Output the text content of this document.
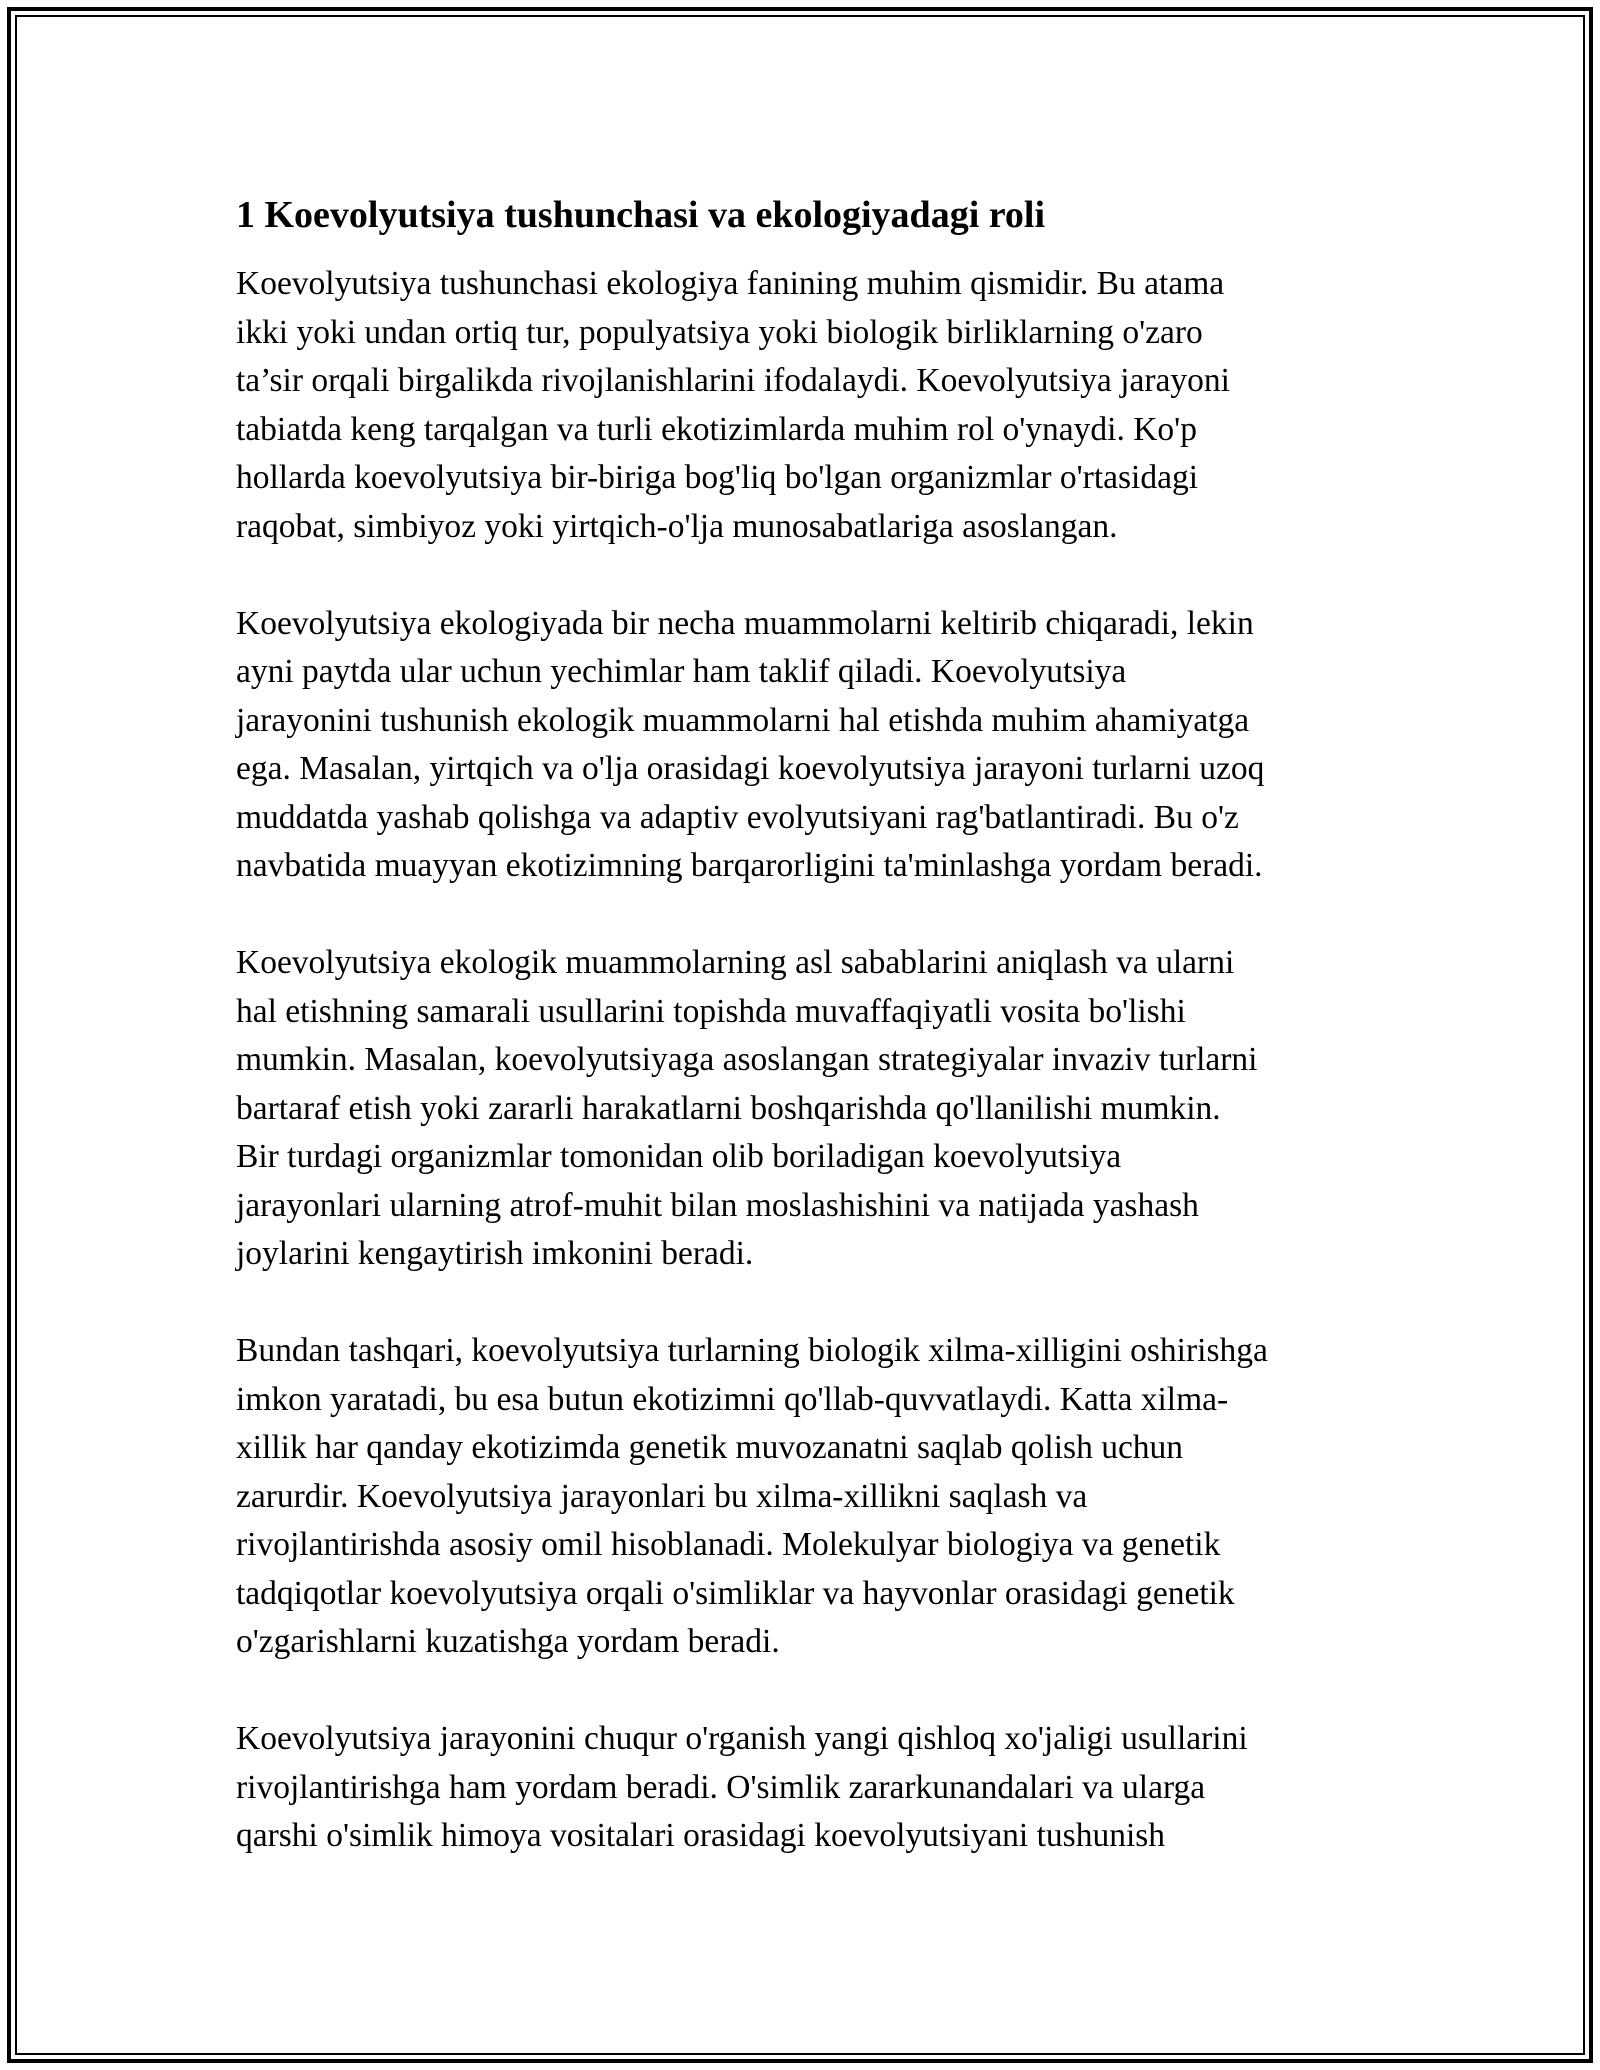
1 Koevolyutsiya tushunchasi va ekologiyadagi roli

Koevolyutsiya tushunchasi ekologiya fanining muhim qismidir. Bu atama
ikki yoki undan ortiq tur, populyatsiya yoki biologik birliklarning o'zaro
ta’sir orqali birgalikda rivojlanishlarini ifodalaydi. Koevolyutsiya jarayoni
tabiatda keng tarqalgan va turli ekotizimlarda muhim rol o'ynaydi. Ko'p
hollarda koevolyutsiya bir-biriga bog'liq bo'lgan organizmlar o'rtasidagi
raqobat, simbiyoz yoki yirtqich-o'lja munosabatlariga asoslangan.

Koevolyutsiya ekologiyada bir necha muammolarni keltirib chiqaradi, lekin
ayni paytda ular uchun yechimlar ham taklif qiladi. Koevolyutsiya
jarayonini tushunish ekologik muammolarni hal etishda muhim ahamiyatga
ega. Masalan, yirtqich va o'lja orasidagi koevolyutsiya jarayoni turlarni uzoq
muddatda yashab qolishga va adaptiv evolyutsiyani rag'batlantiradi. Bu o'z
navbatida muayyan ekotizimning barqarorligini ta'minlashga yordam beradi.

Koevolyutsiya ekologik muammolarning asl sabablarini aniqlash va ularni
hal etishning samarali usullarini topishda muvaffaqiyatli vosita bo'lishi
mumkin. Masalan, koevolyutsiyaga asoslangan strategiyalar invaziv turlarni
bartaraf etish yoki zararli harakatlarni boshqarishda qo'llanilishi mumkin.
Bir turdagi organizmlar tomonidan olib boriladigan koevolyutsiya
jarayonlari ularning atrof-muhit bilan moslashishini va natijada yashash
joylarini kengaytirish imkonini beradi.

Bundan tashqari, koevolyutsiya turlarning biologik xilma-xilligini oshirishga
imkon yaratadi, bu esa butun ekotizimni qo'llab-quvvatlaydi. Katta xilma-
xillik har qanday ekotizimda genetik muvozanatni saqlab qolish uchun
zarurdir. Koevolyutsiya jarayonlari bu xilma-xillikni saqlash va
rivojlantirishda asosiy omil hisoblanadi. Molekulyar biologiya va genetik
tadqiqotlar koevolyutsiya orqali o'simliklar va hayvonlar orasidagi genetik
o'zgarishlarni kuzatishga yordam beradi.

Koevolyutsiya jarayonini chuqur o'rganish yangi qishloq xo'jaligi usullarini
rivojlantirishga ham yordam beradi. O'simlik zararkunandalari va ularga
qarshi o'simlik himoya vositalari orasidagi koevolyutsiyani tushunish
